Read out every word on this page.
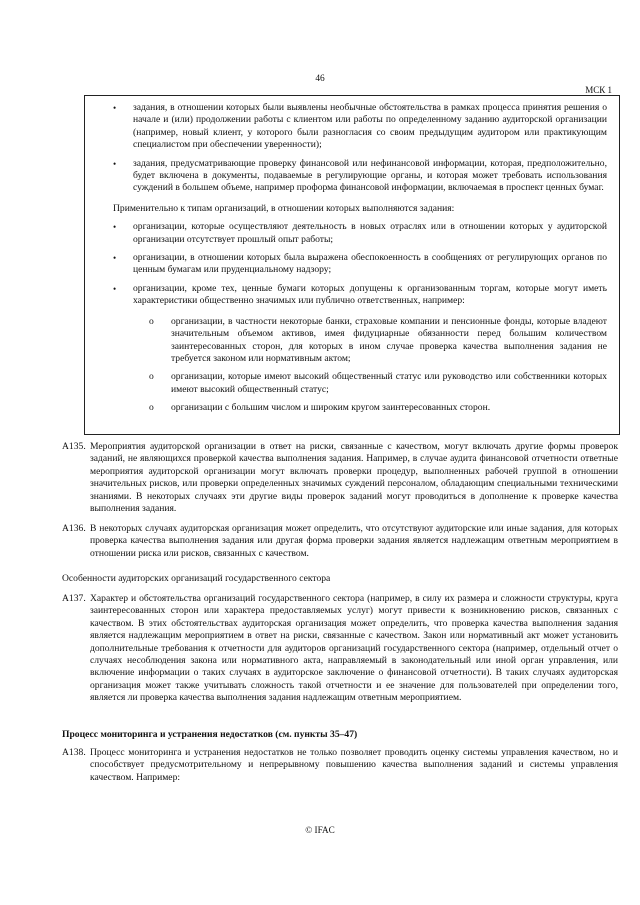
46
МСК 1
• задания, в отношении которых были выявлены необычные обстоятельства в рамках процесса принятия решения о начале и (или) продолжении работы с клиентом или работы по определенному заданию аудиторской организации (например, новый клиент, у которого были разногласия со своим предыдущим аудитором или практикующим специалистом при обеспечении уверенности);
• задания, предусматривающие проверку финансовой или нефинансовой информации, которая, предположительно, будет включена в документы, подаваемые в регулирующие органы, и которая может требовать использования суждений в большем объеме, например проформа финансовой информации, включаемая в проспект ценных бумаг.
Применительно к типам организаций, в отношении которых выполняются задания:
• организации, которые осуществляют деятельность в новых отраслях или в отношении которых у аудиторской организации отсутствует прошлый опыт работы;
• организации, в отношении которых была выражена обеспокоенность в сообщениях от регулирующих органов по ценным бумагам или пруденциальному надзору;
• организации, кроме тех, ценные бумаги которых допущены к организованным торгам, которые могут иметь характеристики общественно значимых или публично ответственных, например:
o организации, в частности некоторые банки, страховые компании и пенсионные фонды, которые владеют значительным объемом активов, имея фидуциарные обязанности перед большим количеством заинтересованных сторон, для которых в ином случае проверка качества выполнения задания не требуется законом или нормативным актом;
o организации, которые имеют высокий общественный статус или руководство или собственники которых имеют высокий общественный статус;
o организации с большим числом и широким кругом заинтересованных сторон.
A135. Мероприятия аудиторской организации в ответ на риски, связанные с качеством, могут включать другие формы проверок заданий, не являющихся проверкой качества выполнения задания. Например, в случае аудита финансовой отчетности ответные мероприятия аудиторской организации могут включать проверки процедур, выполненных рабочей группой в отношении значительных рисков, или проверки определенных значимых суждений персоналом, обладающим специальными техническими знаниями. В некоторых случаях эти другие виды проверок заданий могут проводиться в дополнение к проверке качества выполнения задания.
A136. В некоторых случаях аудиторская организация может определить, что отсутствуют аудиторские или иные задания, для которых проверка качества выполнения задания или другая форма проверки задания является надлежащим ответным мероприятием в отношении риска или рисков, связанных с качеством.
Особенности аудиторских организаций государственного сектора
A137. Характер и обстоятельства организаций государственного сектора (например, в силу их размера и сложности структуры, круга заинтересованных сторон или характера предоставляемых услуг) могут привести к возникновению рисков, связанных с качеством. В этих обстоятельствах аудиторская организация может определить, что проверка качества выполнения задания является надлежащим мероприятием в ответ на риски, связанные с качеством. Закон или нормативный акт может установить дополнительные требования к отчетности для аудиторов организаций государственного сектора (например, отдельный отчет о случаях несоблюдения закона или нормативного акта, направляемый в законодательный или иной орган управления, или включение информации о таких случаях в аудиторское заключение о финансовой отчетности). В таких случаях аудиторская организация может также учитывать сложность такой отчетности и ее значение для пользователей при определении того, является ли проверка качества выполнения задания надлежащим ответным мероприятием.
Процесс мониторинга и устранения недостатков (см. пункты 35–47)
A138. Процесс мониторинга и устранения недостатков не только позволяет проводить оценку системы управления качеством, но и способствует предусмотрительному и непрерывному повышению качества выполнения заданий и системы управления качеством. Например:
© IFAC
